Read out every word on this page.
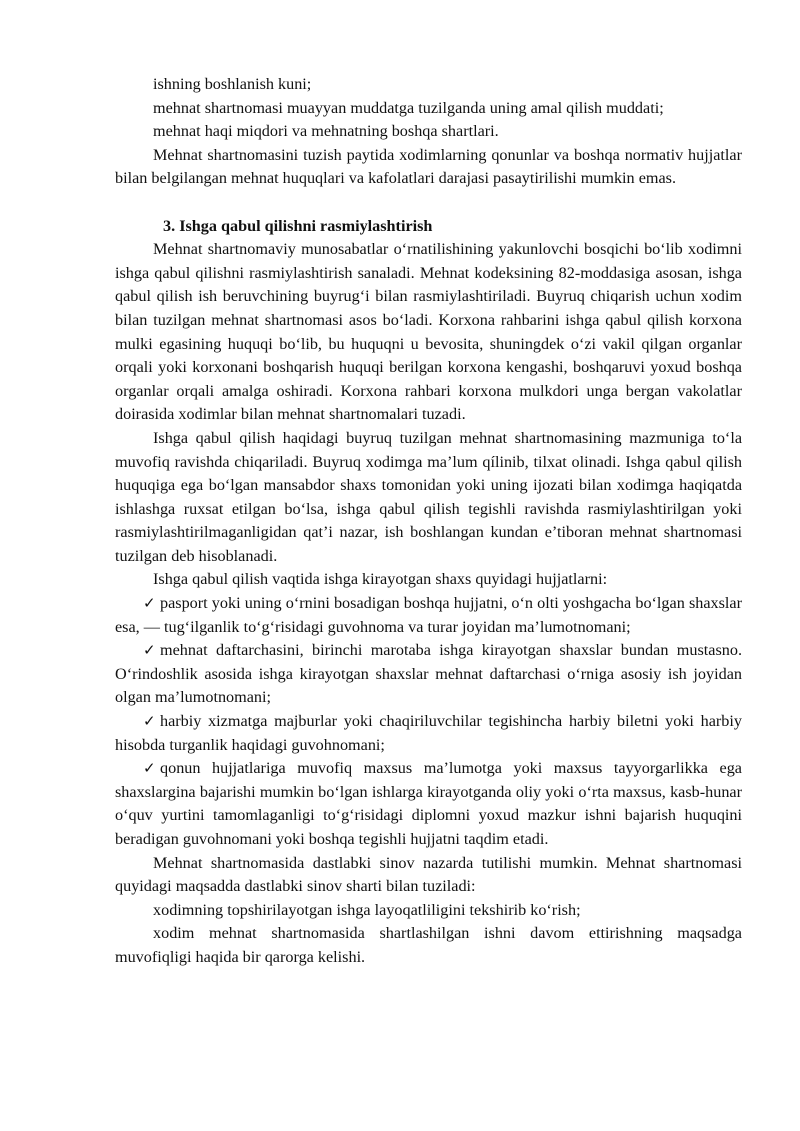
ishning boshlanish kuni;

mehnat shartnomasi muayyan muddatga tuzilganda uning amal qilish muddati;

mehnat haqi miqdori va mehnatning boshqa shartlari.

Mehnat shartnomasini tuzish paytida xodimlarning qonunlar va boshqa normativ hujjatlar bilan belgilangan mehnat huquqlari va kafolatlari darajasi pasaytirilishi mumkin emas.

3. Ishga qabul qilishni rasmiylashtirish

Mehnat shartnomaviy munosabatlar o‘rnatilishining yakunlovchi bosqichi bo‘lib xodimni ishga qabul qilishni rasmiylashtirish sanaladi. Mehnat kodeksining 82-moddasiga asosan, ishga qabul qilish ish beruvchining buyrug‘i bilan rasmiylashtiriladi. Buyruq chiqarish uchun xodim bilan tuzilgan mehnat shartnomasi asos bo‘ladi. Korxona rahbarini ishga qabul qilish korxona mulki egasining huquqi bo‘lib, bu huquqni u bevosita, shuningdek o‘zi vakil qilgan organlar orqali yoki korxonani boshqarish huquqi berilgan korxona kengashi, boshqaruvi yoxud boshqa organlar orqali amalga oshiradi. Korxona rahbari korxona mulkdori unga bergan vakolatlar doirasida xodimlar bilan mehnat shartnomalari tuzadi.

Ishga qabul qilish haqidagi buyruq tuzilgan mehnat shartnomasining mazmuniga to‘la muvofiq ravishda chiqariladi. Buyruq xodimga ma’lum qílinib, tilxat olinadi. Ishga qabul qilish huquqiga ega bo‘lgan mansabdor shaxs tomonidan yoki uning ijozati bilan xodimga haqiqatda ishlashga ruxsat etilgan bo‘lsa, ishga qabul qilish tegishli ravishda rasmiylashtirilgan yoki rasmiylashtirilmaganligidan qat’i nazar, ish boshlangan kundan e’tiboran mehnat shartnomasi tuzilgan deb hisoblanadi.

Ishga qabul qilish vaqtida ishga kirayotgan shaxs quyidagi hujjatlarni:

✓ pasport yoki uning o‘rnini bosadigan boshqa hujjatni, o‘n olti yoshgacha bo‘lgan shaxslar esa, — tug‘ilganlik to‘g‘risidagi guvohnoma va turar joyidan ma’lumotnomani;

✓ mehnat daftarchasini, birinchi marotaba ishga kirayotgan shaxslar bundan mustasno. O‘rindoshlik asosida ishga kirayotgan shaxslar mehnat daftarchasi o‘rniga asosiy ish joyidan olgan ma’lumotnomani;

✓ harbiy xizmatga majburlar yoki chaqiriluvchilar tegishincha harbiy biletni yoki harbiy hisobda turganlik haqidagi guvohnomani;

✓ qonun hujjatlariga muvofiq maxsus ma’lumotga yoki maxsus tayyorgarlikka ega shaxslargina bajarishi mumkin bo‘lgan ishlarga kirayotganda oliy yoki o‘rta maxsus, kasb-hunar o‘quv yurtini tamomlaganligi to‘g‘risidagi diplomni yoxud mazkur ishni bajarish huquqini beradigan guvohnomani yoki boshqa tegishli hujjatni taqdim etadi.

Mehnat shartnomasida dastlabki sinov nazarda tutilishi mumkin. Mehnat shartnomasi quyidagi maqsadda dastlabki sinov sharti bilan tuziladi:

xodimning topshirilayotgan ishga layoqatliligini tekshirib ko‘rish;

xodim mehnat shartnomasida shartlashilgan ishni davom ettirishning maqsadga muvofiqligi haqida bir qarorga kelishi.
